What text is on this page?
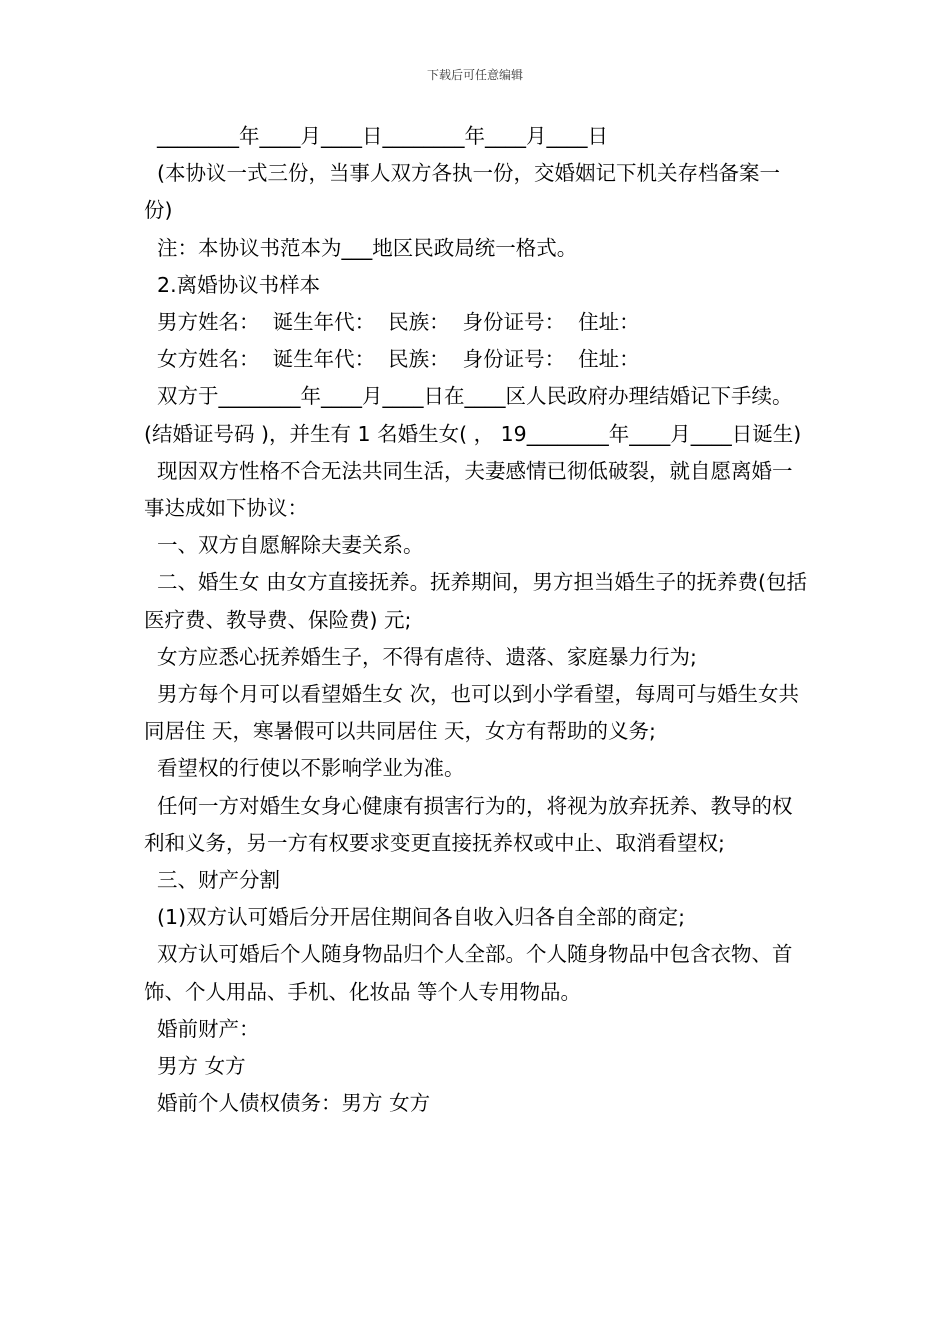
下载后可任意编辑

________年____月____日________年____月____日

(本协议一式三份，当事人双方各执一份，交婚姻记下机关存档备案一份)

注：本协议书范本为___地区民政局统一格式。

2.离婚协议书样本

男方姓名：  诞生年代：  民族：  身份证号：  住址：

女方姓名：  诞生年代：  民族：  身份证号：  住址：

双方于________年____月____日在____区人民政府办理结婚记下手续。(结婚证号码 )，并生有 1 名婚生女( ， 19________年____月____日诞生)

现因双方性格不合无法共同生活，夫妻感情已彻低破裂，就自愿离婚一事达成如下协议：

一、双方自愿解除夫妻关系。

二、婚生女 由女方直接抚养。抚养期间，男方担当婚生子的抚养费(包括医疗费、教导费、保险费) 元;

女方应悉心抚养婚生子，不得有虐待、遗落、家庭暴力行为;

男方每个月可以看望婚生女 次，也可以到小学看望，每周可与婚生女共同居住 天，寒暑假可以共同居住 天，女方有帮助的义务;

看望权的行使以不影响学业为准。

任何一方对婚生女身心健康有损害行为的，将视为放弃抚养、教导的权利和义务，另一方有权要求变更直接抚养权或中止、取消看望权;

三、财产分割

(1)双方认可婚后分开居住期间各自收入归各自全部的商定;

双方认可婚后个人随身物品归个人全部。个人随身物品中包含衣物、首饰、个人用品、手机、化妆品 等个人专用物品。

婚前财产：

男方 女方

婚前个人债权债务：男方 女方
